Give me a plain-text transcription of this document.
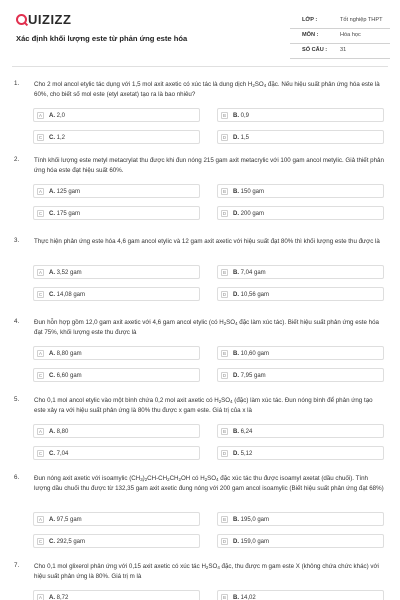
UIZIZZ
Xác định khối lượng este từ phản ứng este hóa
LỚP :	Tốt nghiệp THPT
MÔN :	Hóa học
SỐ CÂU : 31
1. Cho 2 mol ancol etylic tác dụng với 1,5 mol axit axetic có xúc tác là dung dịch $H_2SO_4$ đặc. Nếu hiệu suất phản ứng hóa este là 60%, cho biết số mol este (etyl axetat) tạo ra là bao nhiêu?
A	A. 2,0	B	B. 0,9
C	C. 1,2	D	D. 1,5
2. Tính khối lượng este metyl metacrylat thu được khi đun nóng 215 gam axit metacrylic với 100 gam ancol metylic. Giả thiết phản ứng hóa este đạt hiệu suất 60%.
A	A. 125 gam	B	B. 150 gam
C	C. 175 gam	D	D. 200 gam
3. Thực hiện phản ứng este hóa 4,6 gam ancol etylic và 12 gam axit axetic với hiệu suất đạt 80% thì khối lượng este thu được là
A	A. 3,52 gam	B	B. 7,04 gam
C	C. 14,08 gam	D	D. 10,56 gam
4. Đun hỗn hợp gồm 12,0 gam axit axetic với 4,6 gam ancol etylic (có $H_2SO_4$ đặc làm xúc tác). Biết hiệu suất phản ứng este hóa đạt 75%, khối lượng este thu được là
A	A. 8,80 gam	B	B. 10,60 gam
C	C. 6,60 gam	D	D. 7,95 gam
5. Cho 0,1 mol ancol etylic vào một bình chứa 0,2 mol axit axetic có $H_2SO_4$ (đặc) làm xúc tác. Đun nóng bình để phản ứng tạo este xảy ra với hiệu suất phản ứng là 80% thu được x gam este. Giá trị của x là
A	A. 8,80	B	B. 6,24
C	C. 7,04	D	D. 5,12
6. Đun nóng axit axetic với isoamylic $(CH_3)_2CH-CH_2CH_2OH$ có $H_2SO_4$ đặc xúc tác thu được isoamyl axetat (dầu chuối). Tính lượng dầu chuối thu được từ 132,35 gam axit axetic đung nóng với 200 gam ancol isoamylic (Biết hiệu suất phản ứng đạt 68%)
A	A. 97,5 gam	B	B. 195,0 gam
C	C. 292,5 gam	D	D. 159,0 gam
7. Cho 0,1 mol glixerol phản ứng với 0,15 axit axetic có xúc tác $H_2SO_4$ đặc, thu được m gam este X (không chứa chức khác) với hiệu suất phản ứng là 80%. Giá trị m là
A	A. 8,72	B	B. 14,02
